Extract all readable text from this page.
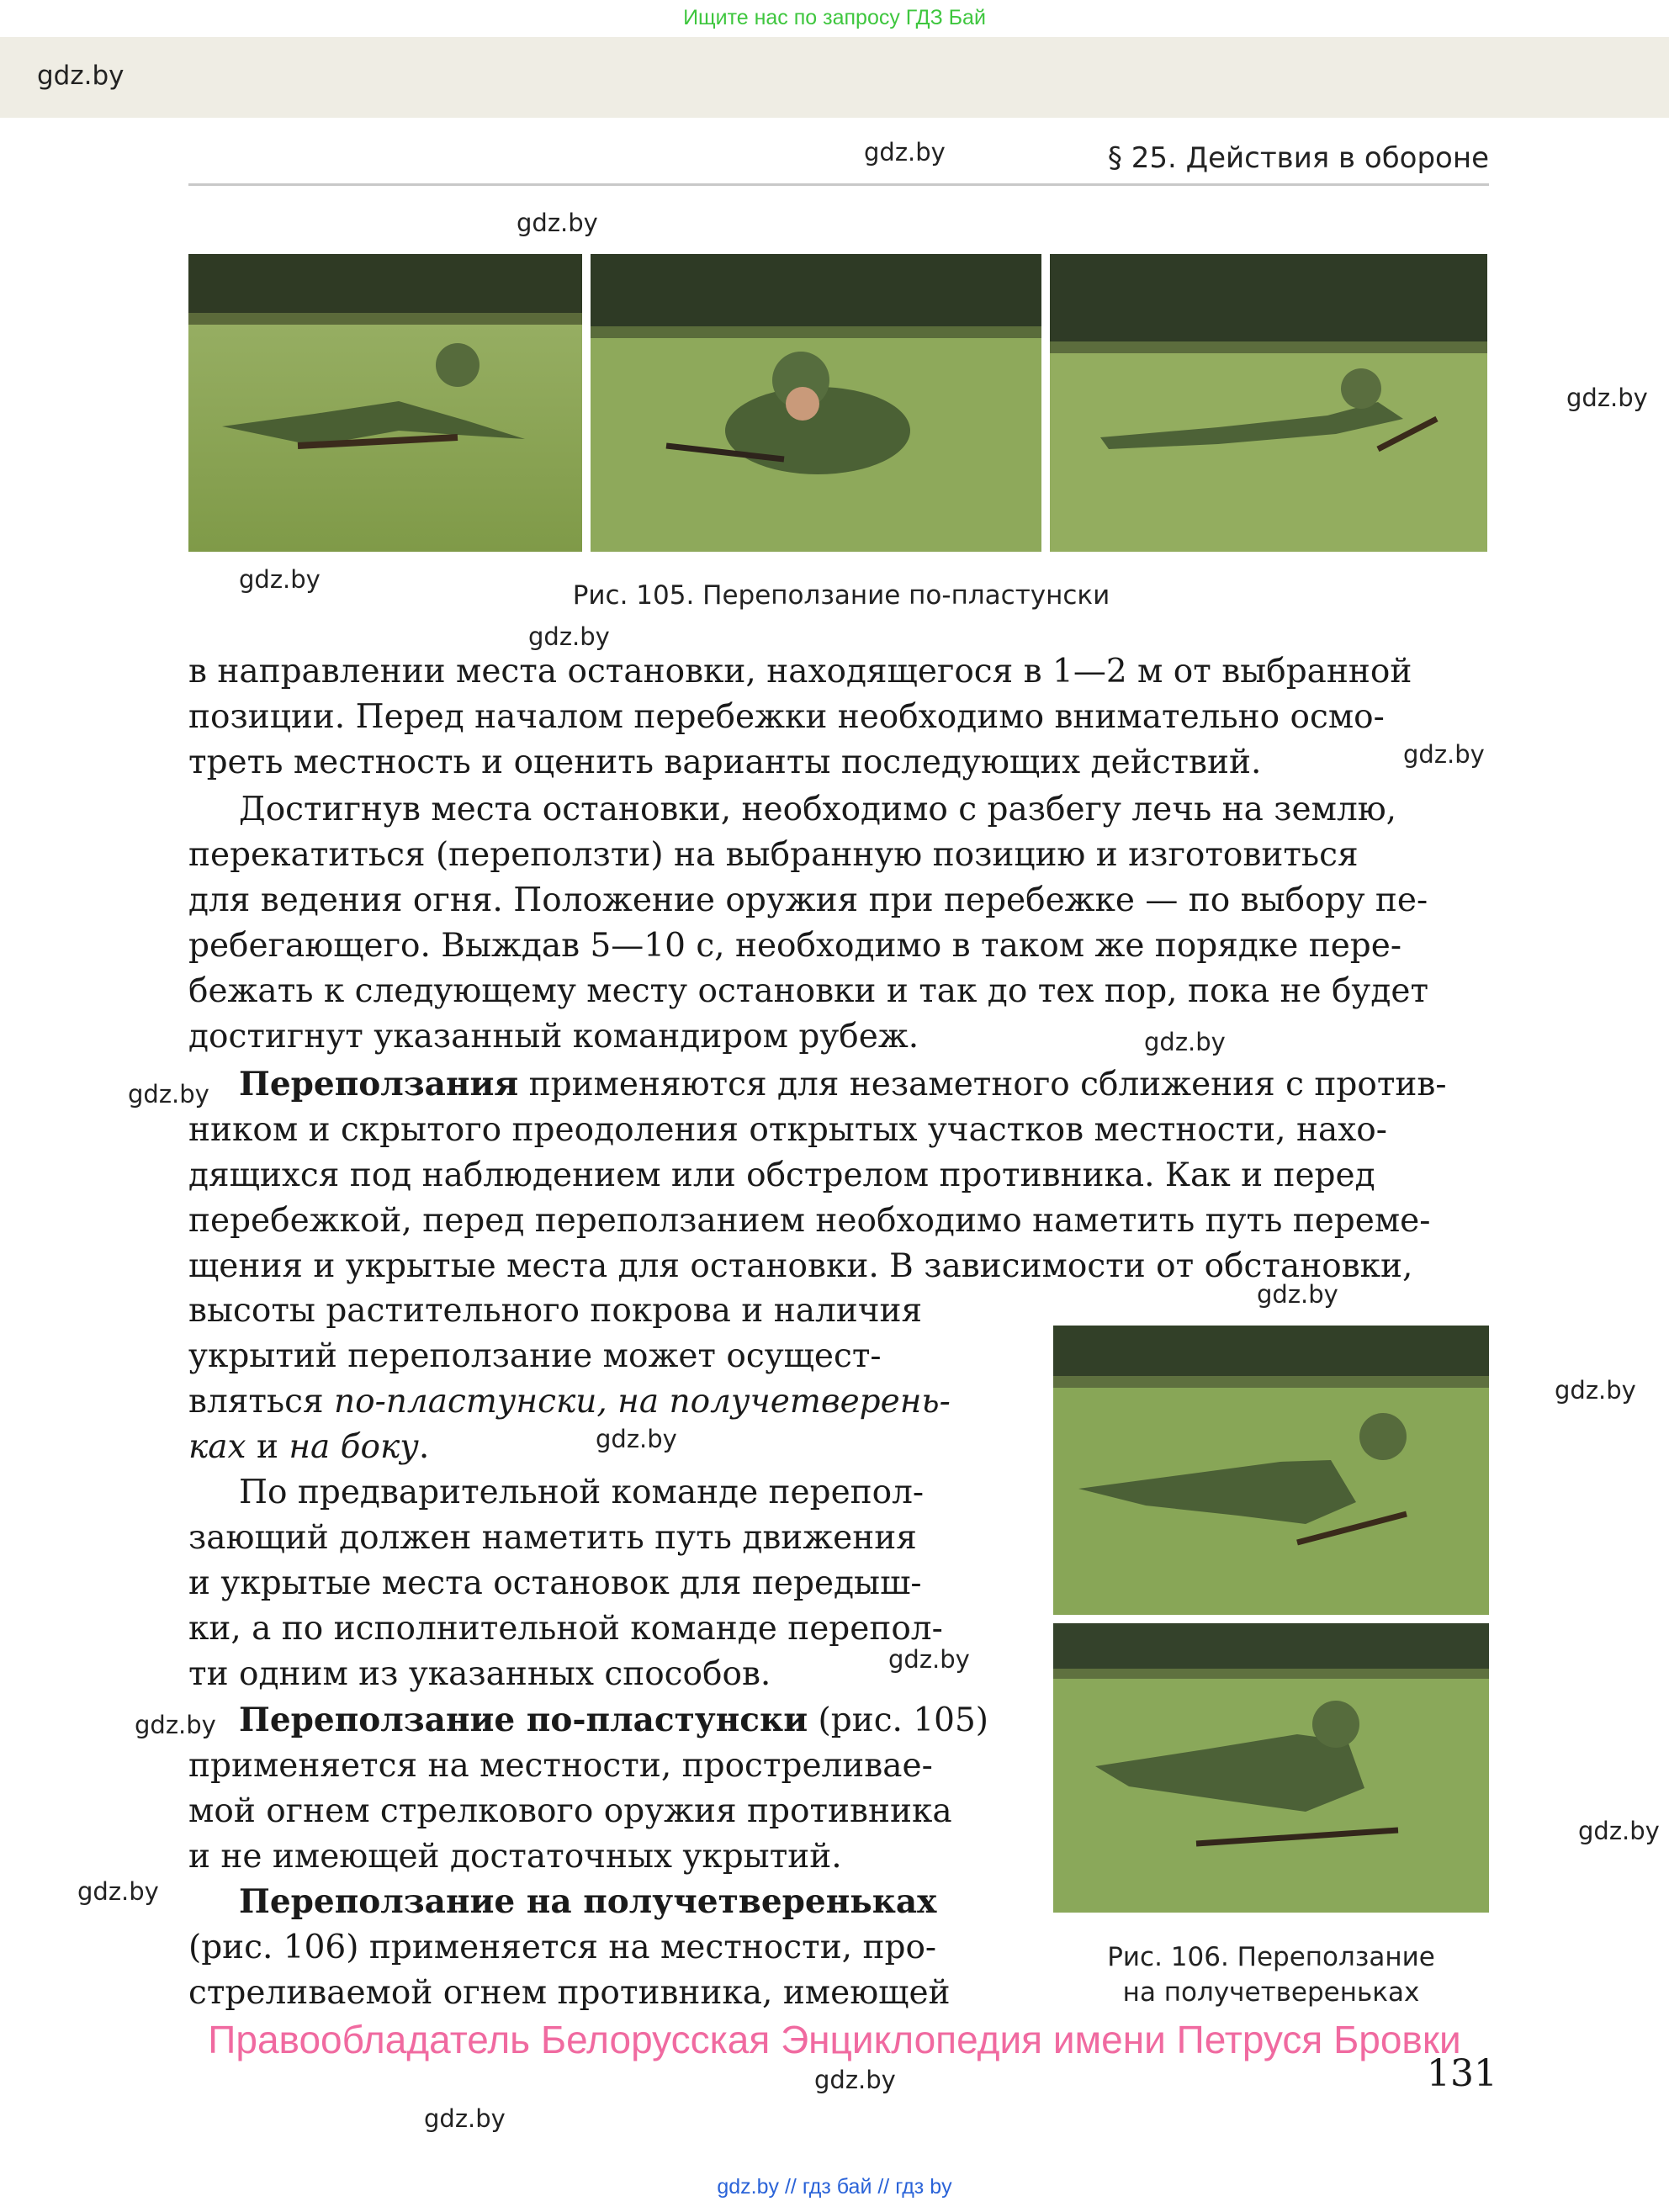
Ищите нас по запросу ГДЗ Бай
gdz.by
§ 25. Действия в обороне
gdz.by
gdz.by
gdz.by
gdz.by
gdz.by
gdz.by
gdz.by
gdz.by
gdz.by
gdz.by
gdz.by
gdz.by
gdz.by
gdz.by
gdz.by
gdz.by
gdz.by
Рис. 105. Переползание по-пластунски
Рис. 106. Переползание
на получетвереньках
в направлении места остановки, находящегося в 1—2 м от выбранной
позиции. Перед началом перебежки необходимо внимательно осмо-
треть местность и оценить варианты последующих действий.
Достигнув места остановки, необходимо с разбегу лечь на землю,
перекатиться (переползти) на выбранную позицию и изготовиться
для ведения огня. Положение оружия при перебежке — по выбору пе-
ребегающего. Выждав 5—10 с, необходимо в таком же порядке пере-
бежать к следующему месту остановки и так до тех пор, пока не будет
достигнут указанный командиром рубеж.
Переползания применяются для незаметного сближения с против-
ником и скрытого преодоления открытых участков местности, нахо-
дящихся под наблюдением или обстрелом противника. Как и перед
перебежкой, перед переползанием необходимо наметить путь переме-
щения и укрытые места для остановки. В зависимости от обстановки,
высоты растительного покрова и наличия
укрытий переползание может осущест-
вляться по-пластунски, на получетверень-
ках и на боку.
По предварительной команде перепол-
зающий должен наметить путь движения
и укрытые места остановок для передыш-
ки, а по исполнительной команде перепол-
ти одним из указанных способов.
Переползание по-пластунски (рис. 105)
применяется на местности, простреливае-
мой огнем стрелкового оружия противника
и не имеющей достаточных укрытий.
Переползание на получетвереньках
(рис. 106) применяется на местности, про-
стреливаемой огнем противника, имеющей
Правообладатель Белорусская Энциклопедия имени Петруся Бровки
131
gdz.by // гдз бай // гдз by
